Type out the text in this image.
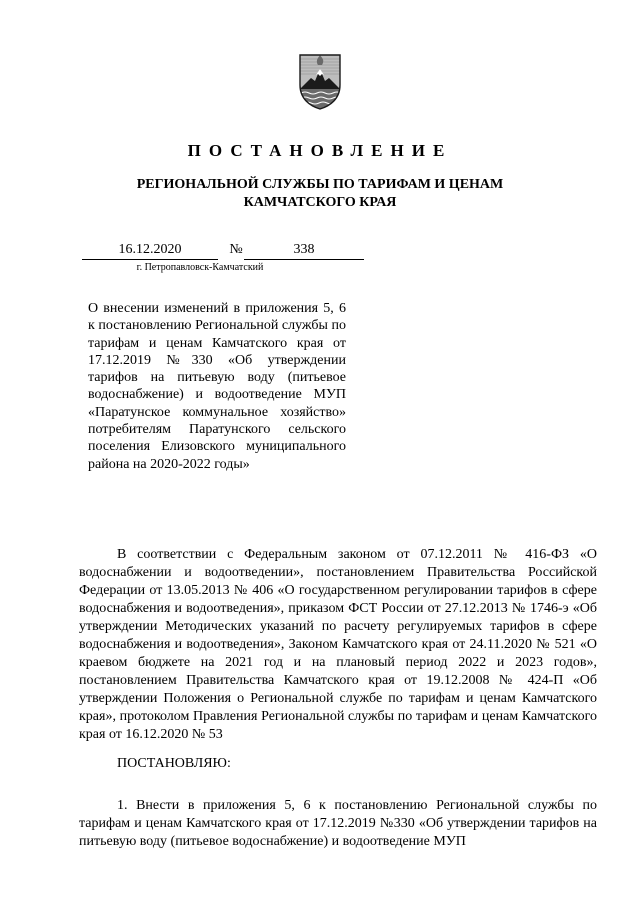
ПОСТАНОВЛЕНИЕ
РЕГИОНАЛЬНОЙ СЛУЖБЫ ПО ТАРИФАМ И ЦЕНАМ КАМЧАТСКОГО КРАЯ
16.12.2020	№	338
г. Петропавловск-Камчатский

О внесении изменений в приложения 5, 6 к постановлению Региональной службы по тарифам и ценам Камчатского края от 17.12.2019 №330 «Об утверждении тарифов на питьевую воду (питьевое водоснабжение) и водоотведение МУП «Паратунское коммунальное хозяйство» потребителям Паратунского сельского поселения Елизовского муниципального района на 2020-2022 годы»

В соответствии с Федеральным законом от 07.12.2011 № 416-ФЗ «О водоснабжении и водоотведении», постановлением Правительства Российской Федерации от 13.05.2013 № 406 «О государственном регулировании тарифов в сфере водоснабжения и водоотведения», приказом ФСТ России от 27.12.2013 № 1746-э «Об утверждении Методических указаний по расчету регулируемых тарифов в сфере водоснабжения и водоотведения», Законом Камчатского края от 24.11.2020 № 521 «О краевом бюджете на 2021 год и на плановый период 2022 и 2023 годов», постановлением Правительства Камчатского края от 19.12.2008 № 424-П «Об утверждении Положения о Региональной службе по тарифам и ценам Камчатского края», протоколом Правления Региональной службы по тарифам и ценам Камчатского края от 16.12.2020 № 53

ПОСТАНОВЛЯЮ:

1. Внести в приложения 5, 6 к постановлению Региональной службы по тарифам и ценам Камчатского края от 17.12.2019 №330 «Об утверждении тарифов на питьевую воду (питьевое водоснабжение) и водоотведение МУП
